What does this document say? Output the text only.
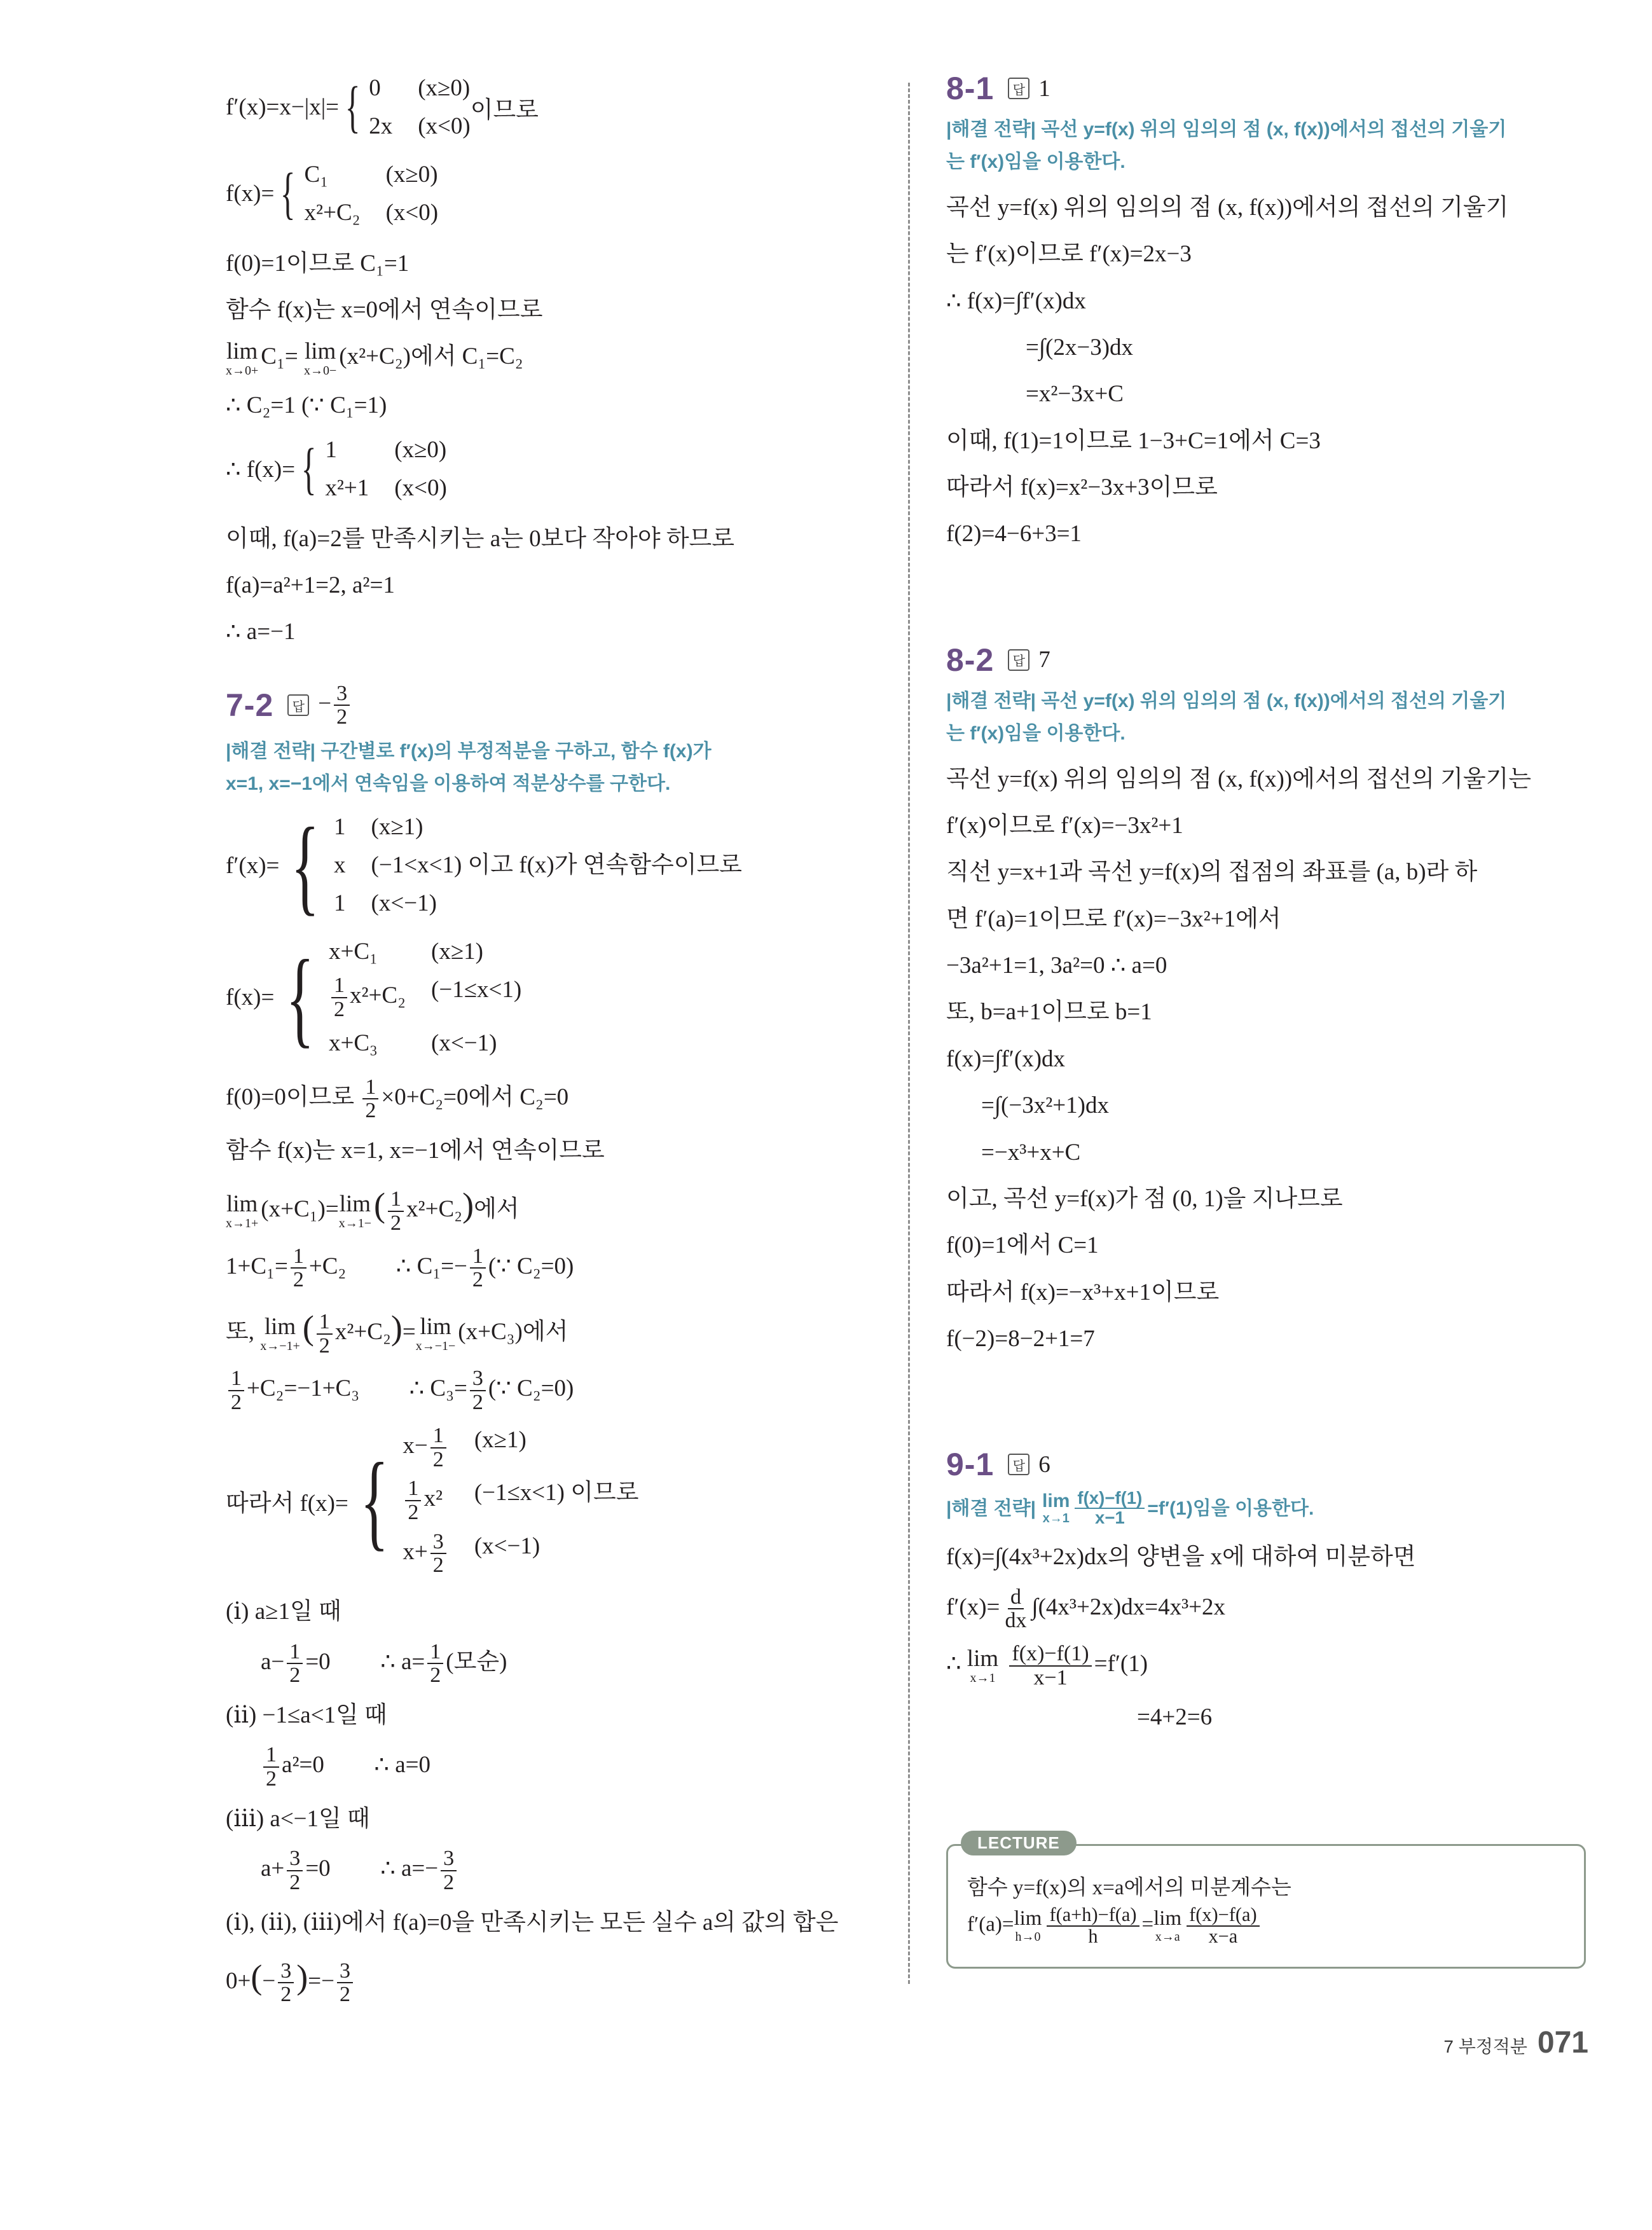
f′(x)=x−|x|= { 0	(x≥0)
2x (x<0)
이므로
f(x)= { C₁	(x≥0)
x²+C₂ (x<0)
f(0)=1이므로 C₁=1
함수 f(x)는 x=0에서 연속이므로
lim
x→0+
C₁= lim
x→0−
(x²+C₂)에서 C₁=C₂
∴ C₂=1 (∵ C₁=1)
∴ f(x)= { 1	(x≥0)
x²+1 (x<0)
이때, f(a)=2를 만족시키는 a는 0보다 작아야 하므로
f(a)=a²+1=2, a²=1
∴ a=−1
7-2	답 − $\frac{3}{2}$
|해결 전략| 구간별로 f′(x)의 부정적분을 구하고, 함수 f(x)가
x=1, x=−1에서 연속임을 이용하여 적분상수를 구한다.
f′(x)= { 1 (x≥1)
x (−1<x<1) 이고 f(x)가 연속함수이므로
1 (x<−1)
f(x)= { x+C₁	(x≥1)
$\frac{1}{2} x^2+C_2$ (−1≤x<1)
x+C₃	(x<−1)
f(0)=0이므로 $\frac{1}{2} \times 0+C_2=0$에서 C₂=0
함수 f(x)는 x=1, x=−1에서 연속이므로
lim
x→1+
(x+C₁)= lim
x→1− ( $\frac{1}{2} x^2+C_2$)에서
$1+C_1= \frac{1}{2} +C_2$ ∴ $C_1=- \frac{1}{2}$ (∵ C₂=0)
또, lim
x→−1+ ( $\frac{1}{2} x^2+C_2)= \lim$
x→−1−
(x+C₃)에서
$\frac{1}{2} +C_2=-1+C_3$ ∴ $C_3= \frac{3}{2}$ (∵ C₂=0)
따라서 f(x)= { $x- \frac{1}{2} (x\ge 1)$
$\frac{1}{2} x^2$ (−1≤x<1) 이므로
$x+ \frac{3}{2} (x<-1)$
(ⅰ) a≥1일 때
$a- \frac{1}{2} =0$ ∴ $a= \frac{1}{2}$ (모순)
(ⅱ) −1≤a<1일 때
$\frac{1}{2} a^2=0$ ∴ a=0
(ⅲ) a<−1일 때
$a+ \frac{3}{2} =0$ ∴ $a=- \frac{3}{2}$
(ⅰ), (ⅱ), (ⅲ)에서 f(a)=0을 만족시키는 모든 실수 a의 값의 합은
$0+(- \frac{3}{2}$ )=− $\frac{3}{2}$
8-1	답 1
|해결 전략| 곡선 y=f(x) 위의 임의의 점 (x, f(x))에서의 접선의 기울기
는 f′(x)임을 이용한다.
곡선 y=f(x) 위의 임의의 점 (x, f(x))에서의 접선의 기울기
는 f′(x)이므로 f′(x)=2x−3
∴ f(x)=∫f′(x)dx
=∫(2x−3)dx
=x²−3x+C
이때, f(1)=1이므로 1−3+C=1에서 C=3
따라서 f(x)=x²−3x+3이므로
f(2)=4−6+3=1
8-2	답 7
|해결 전략| 곡선 y=f(x) 위의 임의의 점 (x, f(x))에서의 접선의 기울기
는 f′(x)임을 이용한다.
곡선 y=f(x) 위의 임의의 점 (x, f(x))에서의 접선의 기울기는
f′(x)이므로 f′(x)=−3x²+1
직선 y=x+1과 곡선 y=f(x)의 접점의 좌표를 (a, b)라 하
면 f′(a)=1이므로 f′(x)=−3x²+1에서
−3a²+1=1, 3a²=0 ∴ a=0
또, b=a+1이므로 b=1
f(x)=∫f′(x)dx
=∫(−3x²+1)dx
=−x³+x+C
이고, 곡선 y=f(x)가 점 (0, 1)을 지나므로
f(0)=1에서 C=1
따라서 f(x)=−x³+x+1이므로
f(−2)=8−2+1=7
9-1	답 6
|해결 전략| lim
$x\to 1 \frac{f(x)-f(1)}{x-1} =f'(1)$임을 이용한다.
f(x)=∫(4x³+2x)dx의 양변을 x에 대하여 미분하면
$f'(x)= \frac{d}{dx} \int(4x^3+2x)dx=4x^3+2x$
∴ lim
x→1
$\frac{f(x)-f(1)}{x-1} =f'(1)$
=4+2=6
LECTURE
함수 y=f(x)의 x=a에서의 미분계수는
f′(a)= lim
$h\to 0 \frac{f(a+h)-f(a)}{h} = \lim$
$x\to a \frac{f(x)-f(a)}{x-a}$
7 부정적분 071
